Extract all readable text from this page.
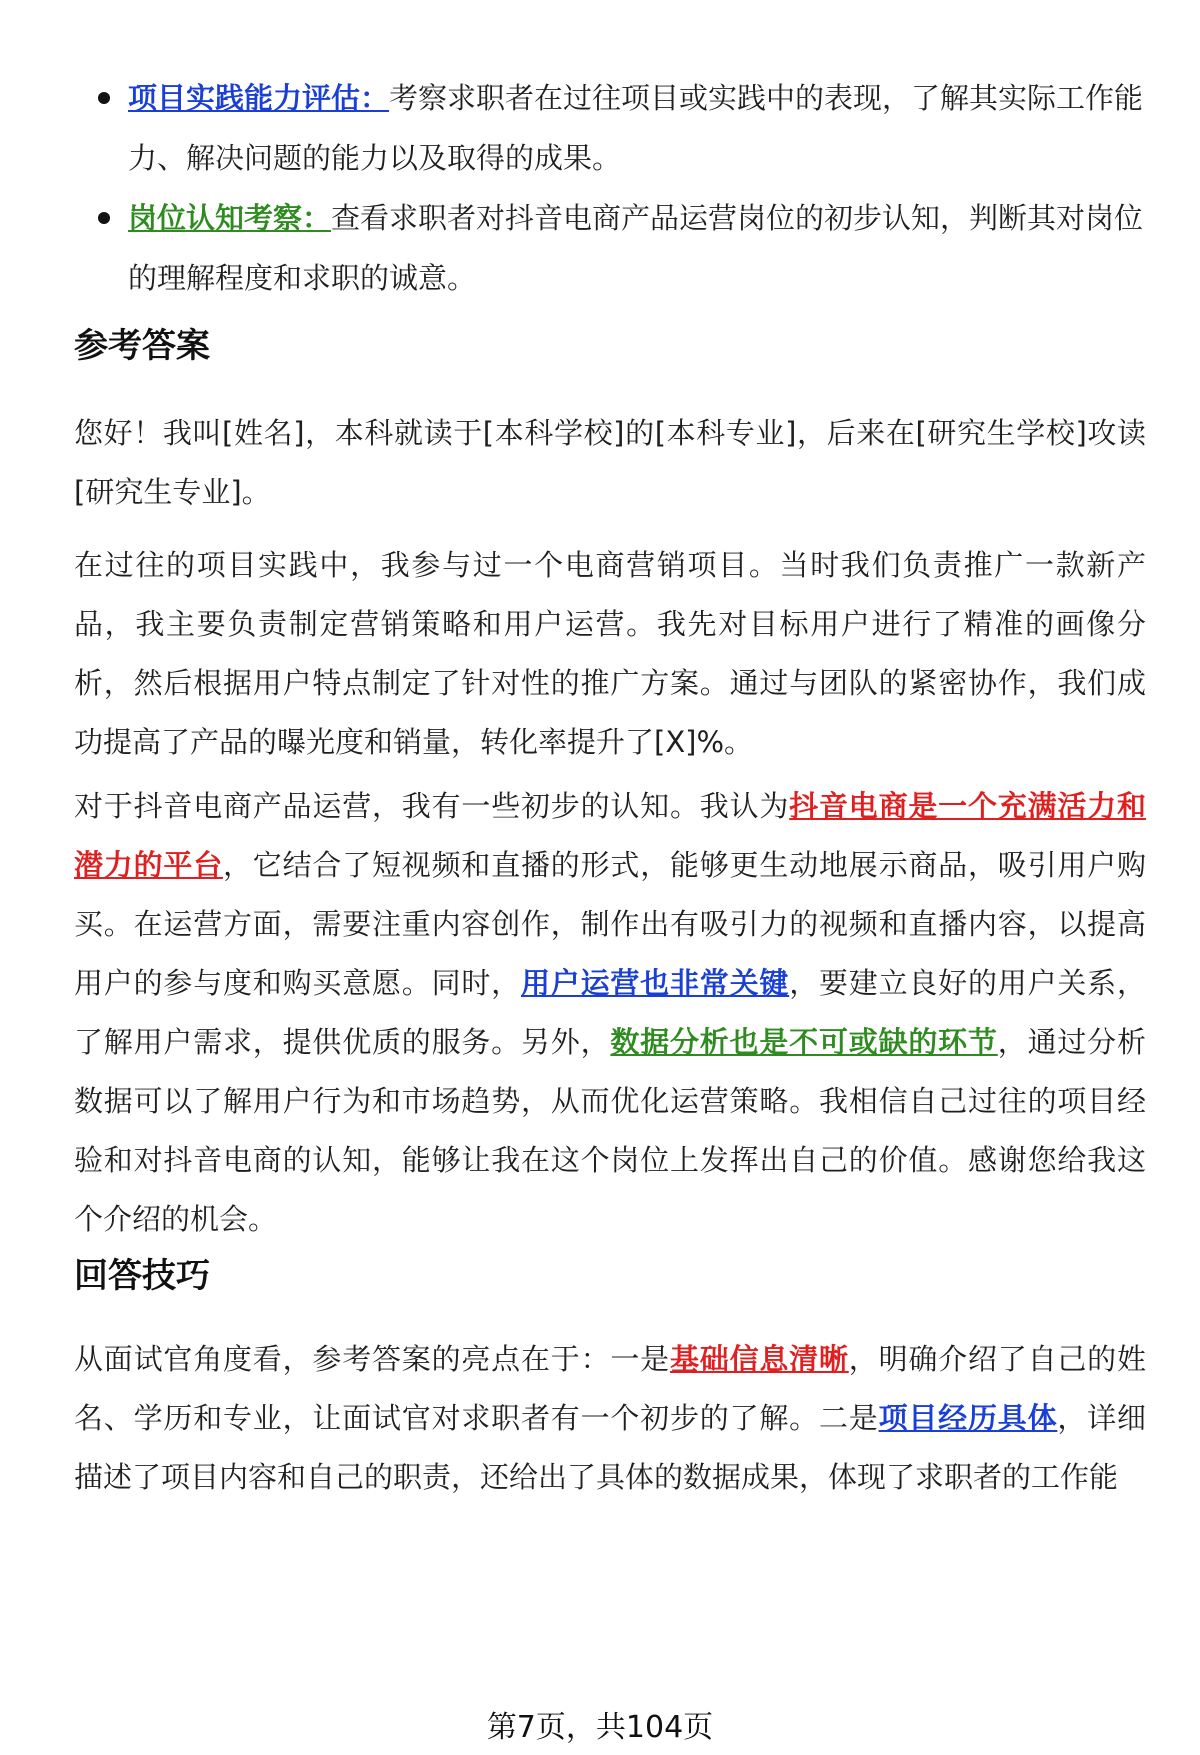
项目实践能力评估：考察求职者在过往项目或实践中的表现，了解其实际工作能力、解决问题的能力以及取得的成果。
岗位认知考察：查看求职者对抖音电商产品运营岗位的初步认知，判断其对岗位的理解程度和求职的诚意。
参考答案

您好！我叫[姓名]，本科就读于[本科学校]的[本科专业]，后来在[研究生学校]攻读[研究生专业]。

在过往的项目实践中，我参与过一个电商营销项目。当时我们负责推广一款新产品，我主要负责制定营销策略和用户运营。我先对目标用户进行了精准的画像分析，然后根据用户特点制定了针对性的推广方案。通过与团队的紧密协作，我们成功提高了产品的曝光度和销量，转化率提升了[X]%。

对于抖音电商产品运营，我有一些初步的认知。我认为抖音电商是一个充满活力和潜力的平台，它结合了短视频和直播的形式，能够更生动地展示商品，吸引用户购买。在运营方面，需要注重内容创作，制作出有吸引力的视频和直播内容，以提高用户的参与度和购买意愿。同时，用户运营也非常关键，要建立良好的用户关系，了解用户需求，提供优质的服务。另外，数据分析也是不可或缺的环节，通过分析数据可以了解用户行为和市场趋势，从而优化运营策略。我相信自己过往的项目经验和对抖音电商的认知，能够让我在这个岗位上发挥出自己的价值。感谢您给我这个介绍的机会。

回答技巧

从面试官角度看，参考答案的亮点在于：一是基础信息清晰，明确介绍了自己的姓名、学历和专业，让面试官对求职者有一个初步的了解。二是项目经历具体，详细描述了项目内容和自己的职责，还给出了具体的数据成果，体现了求职者的工作能

第7页，共104页
